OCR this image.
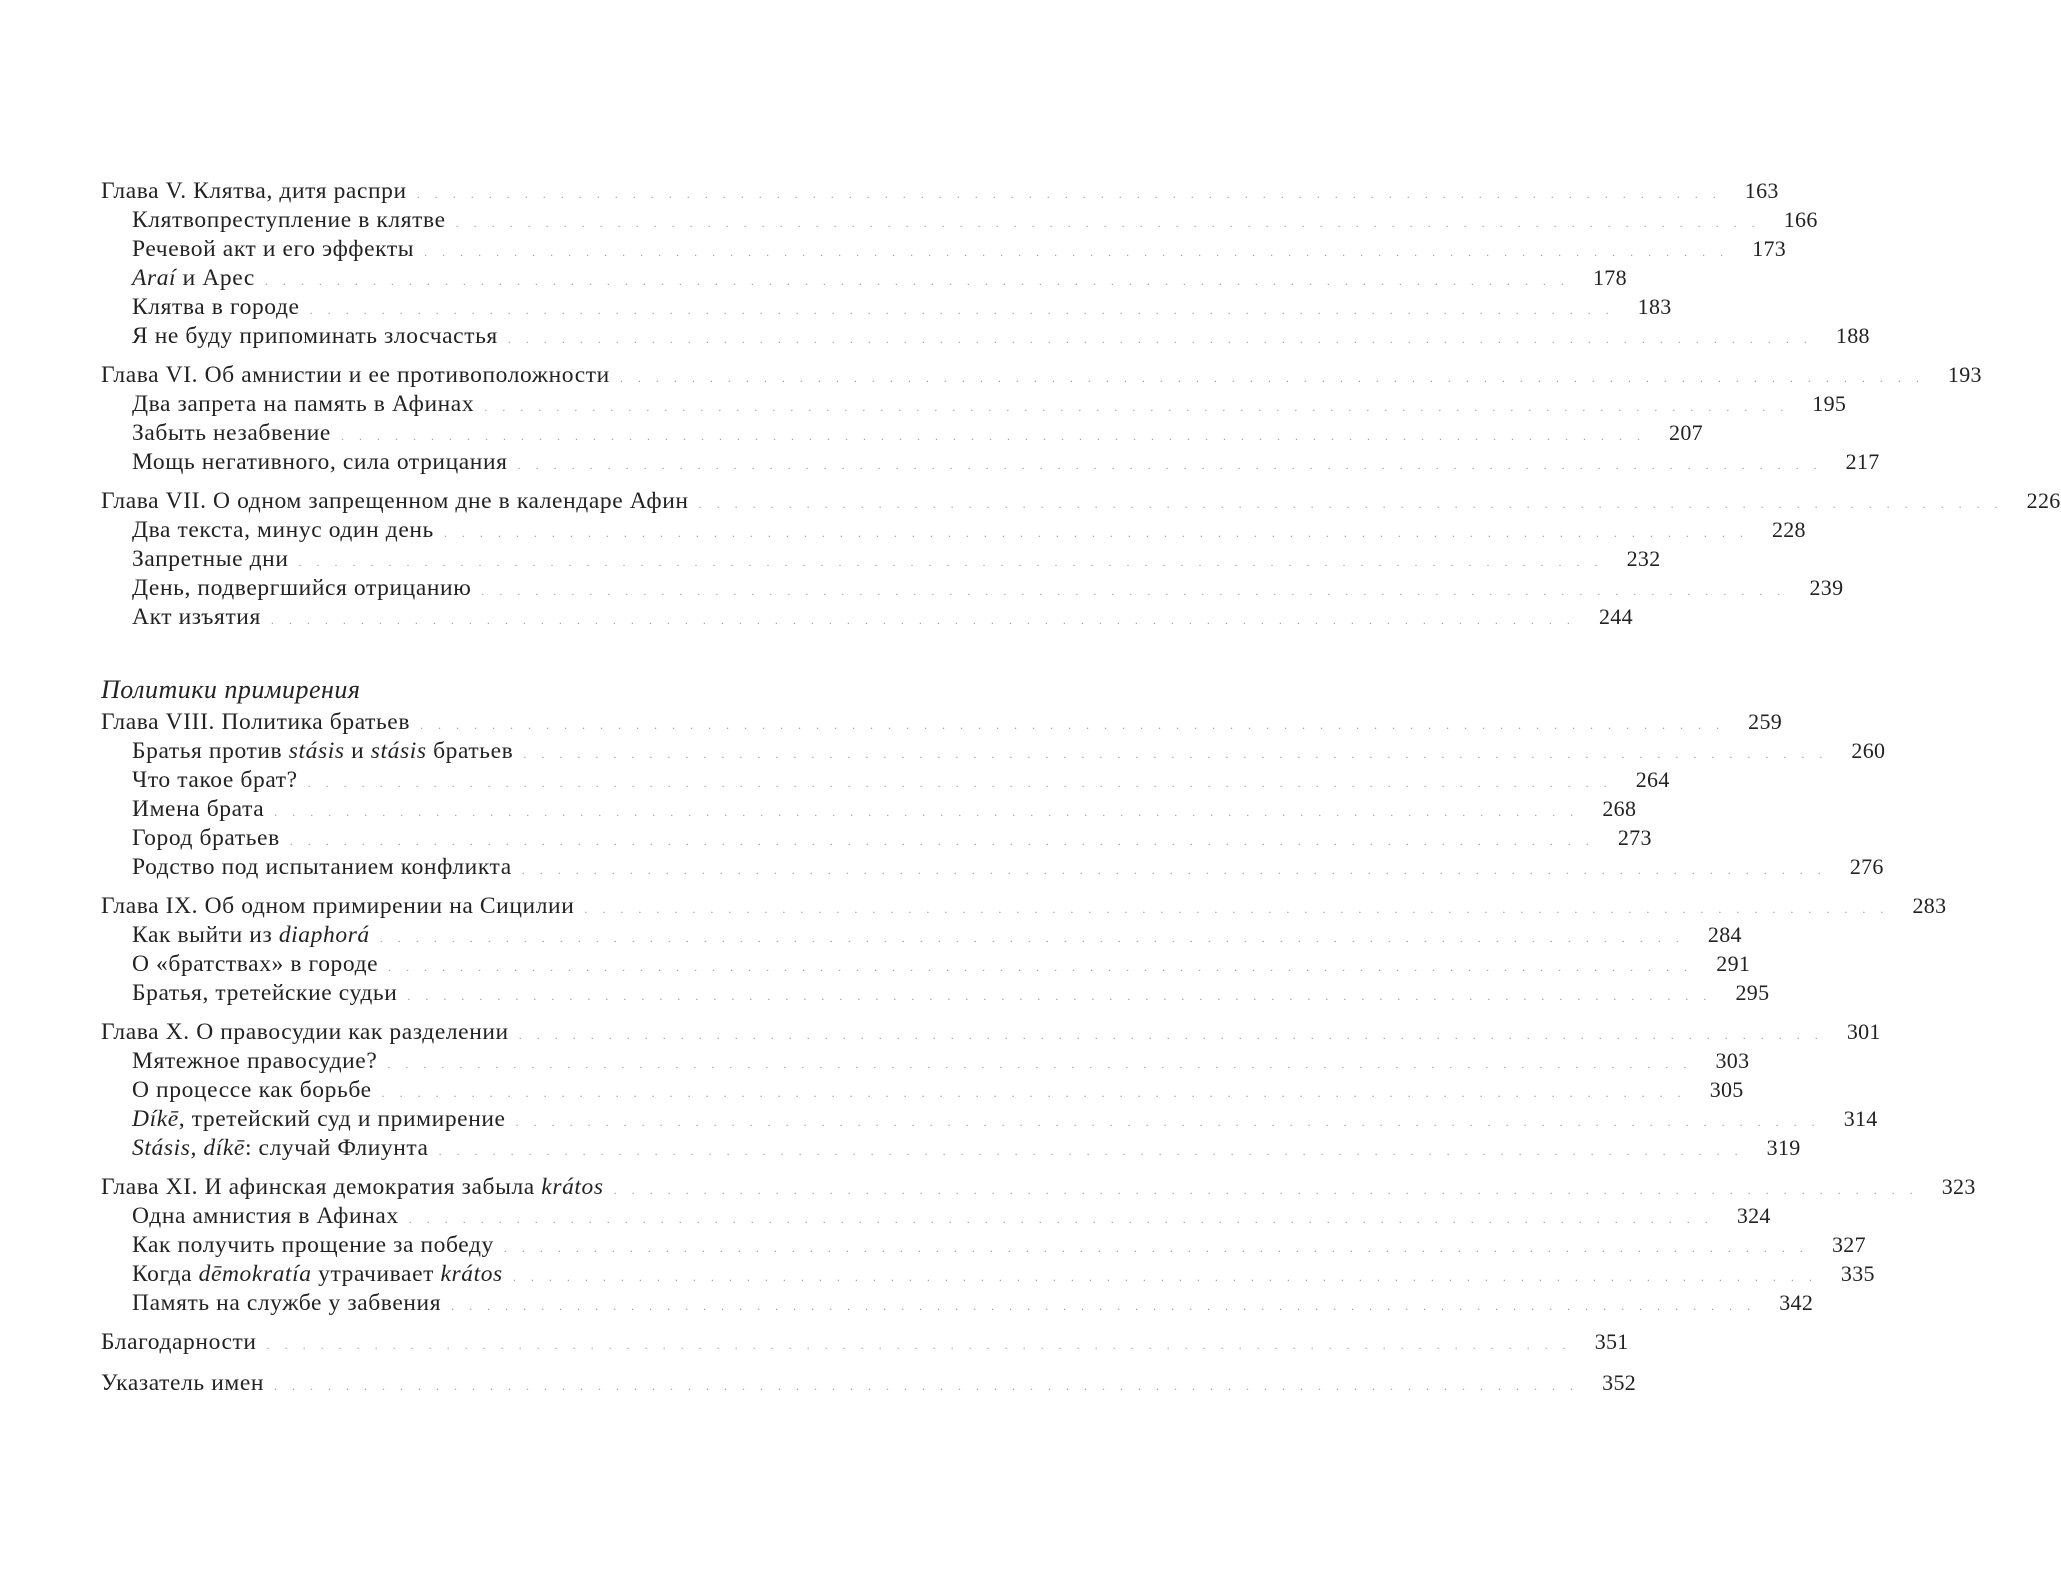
Глава V. Клятва, дитя распри ......................................................................... 163
Клятвопреступление в клятве ......................................................................... 166
Речевой акт и его эффекты ......................................................................... 173
Araí и Арес ......................................................................... 178
Клятва в городе ......................................................................... 183
Я не буду припоминать злосчастья ......................................................................... 188
Глава VI. Об амнистии и ее противоположности ......................................................................... 193
Два запрета на память в Афинах ......................................................................... 195
Забыть незабвение ......................................................................... 207
Мощь негативного, сила отрицания ......................................................................... 217
Глава VII. О одном запрещенном дне в календаре Афин ......................................................................... 226
Два текста, минус один день ......................................................................... 228
Запретные дни ......................................................................... 232
День, подвергшийся отрицанию ......................................................................... 239
Акт изъятия ......................................................................... 244
Политики примирения
Глава VIII. Политика братьев ......................................................................... 259
Братья против stásis и stásis братьев ......................................................................... 260
Что такое брат? ......................................................................... 264
Имена брата ......................................................................... 268
Город братьев ......................................................................... 273
Родство под испытанием конфликта ......................................................................... 276
Глава IX. Об одном примирении на Сицилии ......................................................................... 283
Как выйти из diaphorá ......................................................................... 284
О «братствах» в городе ......................................................................... 291
Братья, третейские судьи ......................................................................... 295
Глава X. О правосудии как разделении ......................................................................... 301
Мятежное правосудие? ......................................................................... 303
О процессе как борьбе ......................................................................... 305
Díkē, третейский суд и примирение ......................................................................... 314
Stásis, díkē: случай Флиунта ......................................................................... 319
Глава XI. И афинская демократия забыла krátos ......................................................................... 323
Одна амнистия в Афинах ......................................................................... 324
Как получить прощение за победу ......................................................................... 327
Когда dēmokratía утрачивает krátos ......................................................................... 335
Память на службе у забвения ......................................................................... 342
Благодарности ......................................................................... 351
Указатель имен ......................................................................... 352
